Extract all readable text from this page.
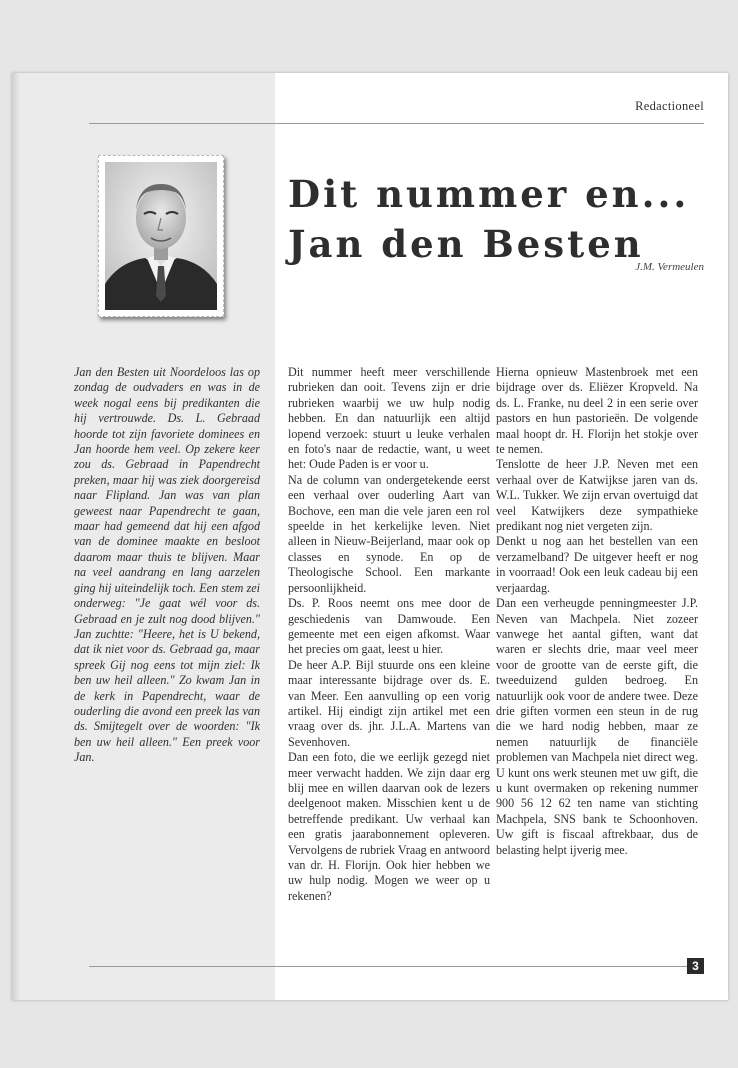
Redactioneel
Dit nummer en...
Jan den Besten
J.M. Vermeulen

Jan den Besten uit Noordeloos las op zondag de oudvaders en was in de week nogal eens bij predikanten die hij vertrouwde. Ds. L. Gebraad hoorde tot zijn favoriete dominees en Jan hoorde hem veel. Op zekere keer zou ds. Gebraad in Papendrecht preken, maar hij was ziek doorgereisd naar Flipland. Jan was van plan geweest naar Papendrecht te gaan, maar had gemeend dat hij een afgod van de dominee maakte en besloot daarom maar thuis te blijven. Maar na veel aandrang en lang aarzelen ging hij uiteindelijk toch. Een stem zei onderweg: "Je gaat wél voor ds. Gebraad en je zult nog dood blijven." Jan zuchtte: "Heere, het is U bekend, dat ik niet voor ds. Gebraad ga, maar spreek Gij nog eens tot mijn ziel: Ik ben uw heil alleen." Zo kwam Jan in de kerk in Papendrecht, waar de ouderling die avond een preek las van ds. Smijtegelt over de woorden: "Ik ben uw heil alleen." Een preek voor Jan.

Dit nummer heeft meer verschillende rubrieken dan ooit. Tevens zijn er drie rubrieken waarbij we uw hulp nodig hebben. En dan natuurlijk een altijd lopend verzoek: stuurt u leuke verhalen en foto's naar de redactie, want, u weet het: Oude Paden is er voor u.

Na de column van ondergetekende eerst een verhaal over ouderling Aart van Bochove, een man die vele jaren een rol speelde in het kerkelijke leven. Niet alleen in Nieuw-Beijerland, maar ook op classes en synode. En op de Theologische School. Een markante persoonlijkheid.

Ds. P. Roos neemt ons mee door de geschiedenis van Damwoude. Een gemeente met een eigen afkomst. Waar het precies om gaat, leest u hier.

De heer A.P. Bijl stuurde ons een kleine maar interessante bijdrage over ds. E. van Meer. Een aanvulling op een vorig artikel. Hij eindigt zijn artikel met een vraag over ds. jhr. J.L.A. Martens van Sevenhoven.

Dan een foto, die we eerlijk gezegd niet meer verwacht hadden. We zijn daar erg blij mee en willen daarvan ook de lezers deelgenoot maken. Misschien kent u de betreffende predikant. Uw verhaal kan een gratis jaarabonnement opleveren. Vervolgens de rubriek Vraag en antwoord van dr. H. Florijn. Ook hier hebben we uw hulp nodig. Mogen we weer op u rekenen?

Hierna opnieuw Mastenbroek met een bijdrage over ds. Eliëzer Kropveld. Na ds. L. Franke, nu deel 2 in een serie over pastors en hun pastorieën. De volgende maal hoopt dr. H. Florijn het stokje over te nemen.

Tenslotte de heer J.P. Neven met een verhaal over de Katwijkse jaren van ds. W.L. Tukker. We zijn ervan overtuigd dat veel Katwijkers deze sympathieke predikant nog niet vergeten zijn.

Denkt u nog aan het bestellen van een verzamelband? De uitgever heeft er nog in voorraad! Ook een leuk cadeau bij een verjaardag.

Dan een verheugde penningmeester J.P. Neven van Machpela. Niet zozeer vanwege het aantal giften, want dat waren er slechts drie, maar veel meer voor de grootte van de eerste gift, die tweeduizend gulden bedroeg. En natuurlijk ook voor de andere twee. Deze drie giften vormen een steun in de rug die we hard nodig hebben, maar ze nemen natuurlijk de financiële problemen van Machpela niet direct weg. U kunt ons werk steunen met uw gift, die u kunt overmaken op rekening nummer 900 56 12 62 ten name van stichting Machpela, SNS bank te Schoonhoven. Uw gift is fiscaal aftrekbaar, dus de belasting helpt ijverig mee.

3
